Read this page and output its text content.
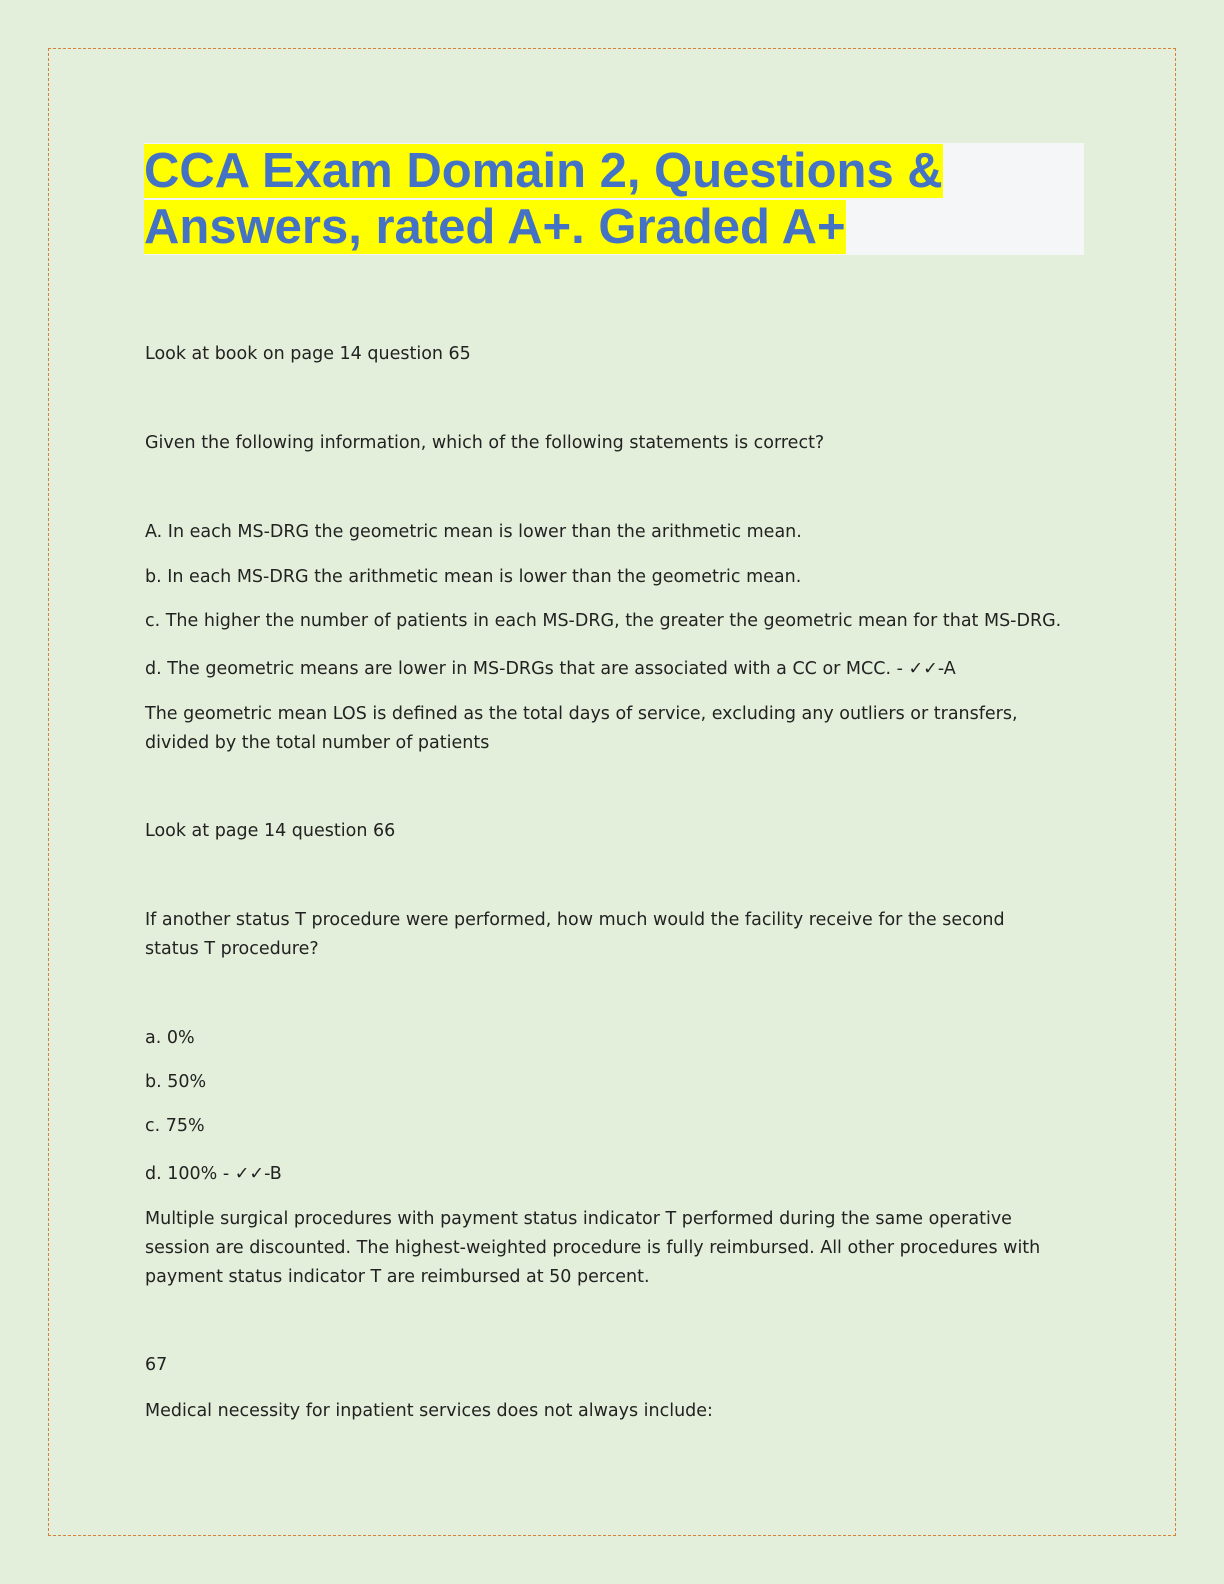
CCA Exam Domain 2, Questions &
Answers, rated A+. Graded A+

Look at book on page 14 question 65

Given the following information, which of the following statements is correct?

A. In each MS-DRG the geometric mean is lower than the arithmetic mean.

b. In each MS-DRG the arithmetic mean is lower than the geometric mean.

c. The higher the number of patients in each MS-DRG, the greater the geometric mean for that MS-DRG.

d. The geometric means are lower in MS-DRGs that are associated with a CC or MCC. - ✓✓-A

The geometric mean LOS is defined as the total days of service, excluding any outliers or transfers, divided by the total number of patients

Look at page 14 question 66

If another status T procedure were performed, how much would the facility receive for the second status T procedure?

a. 0%

b. 50%

c. 75%

d. 100% - ✓✓-B

Multiple surgical procedures with payment status indicator T performed during the same operative session are discounted. The highest-weighted procedure is fully reimbursed. All other procedures with payment status indicator T are reimbursed at 50 percent.

67

Medical necessity for inpatient services does not always include:
